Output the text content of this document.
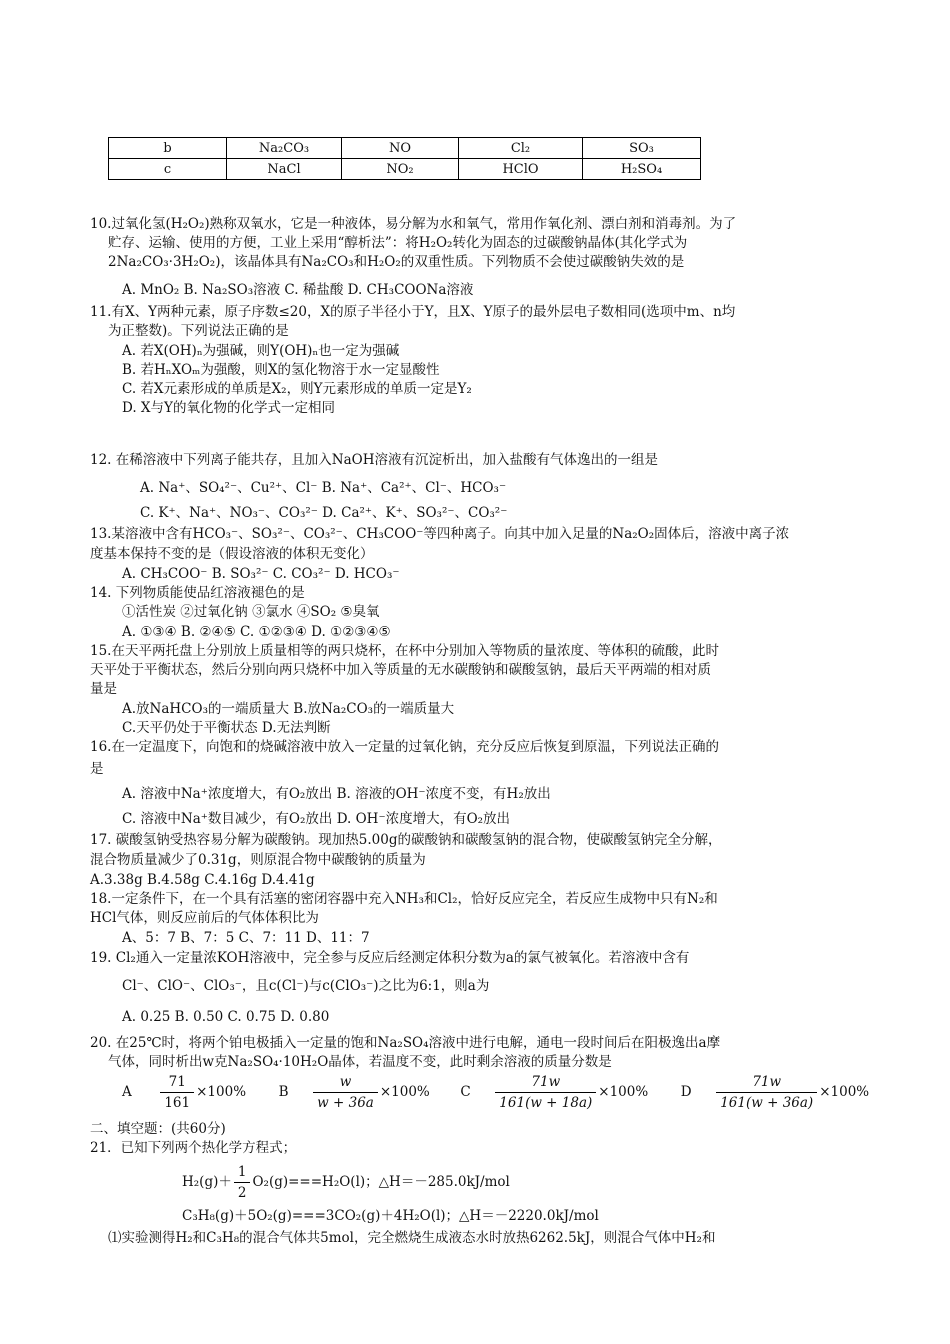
b	Na₂CO₃	NO	Cl₂	SO₃
c	NaCl	NO₂	HClO	H₂SO₄
10.过氧化氢(H₂O₂)熟称双氧水，它是一种液体，易分解为水和氧气，常用作氧化剂、漂白剂和消毒剂。为了
贮存、运输、使用的方便，工业上采用“醇析法”：将H₂O₂转化为固态的过碳酸钠晶体(其化学式为
2Na₂CO₃·3H₂O₂)，该晶体具有Na₂CO₃和H₂O₂的双重性质。下列物质不会使过碳酸钠失效的是
A. MnO₂ B. Na₂SO₃溶液 C. 稀盐酸 D. CH₃COONa溶液
11.有X、Y两种元素，原子序数≤20，X的原子半径小于Y，且X、Y原子的最外层电子数相同(选项中m、n均
为正整数)。下列说法正确的是
A. 若X(OH)ₙ为强碱，则Y(OH)ₙ也一定为强碱
B. 若HₙXOₘ为强酸，则X的氢化物溶于水一定显酸性
C. 若X元素形成的单质是X₂，则Y元素形成的单质一定是Y₂
D. X与Y的氧化物的化学式一定相同
12. 在稀溶液中下列离子能共存，且加入NaOH溶液有沉淀析出，加入盐酸有气体逸出的一组是
A. Na⁺、SO₄²⁻、Cu²⁺、Cl⁻ B. Na⁺、Ca²⁺、Cl⁻、HCO₃⁻
C. K⁺、Na⁺、NO₃⁻、CO₃²⁻ D. Ca²⁺、K⁺、SO₃²⁻、CO₃²⁻
13.某溶液中含有HCO₃⁻、SO₃²⁻、CO₃²⁻、CH₃COO⁻等四种离子。向其中加入足量的Na₂O₂固体后，溶液中离子浓
度基本保持不变的是（假设溶液的体积无变化）
A. CH₃COO⁻ B. SO₃²⁻ C. CO₃²⁻ D. HCO₃⁻
14. 下列物质能使品红溶液褪色的是
①活性炭 ②过氧化钠 ③氯水 ④SO₂ ⑤臭氧
A. ①③④ B. ②④⑤ C. ①②③④ D. ①②③④⑤
15.在天平两托盘上分别放上质量相等的两只烧杯，在杯中分别加入等物质的量浓度、等体积的硫酸，此时
天平处于平衡状态，然后分别向两只烧杯中加入等质量的无水碳酸钠和碳酸氢钠，最后天平两端的相对质
量是
A.放NaHCO₃的一端质量大 B.放Na₂CO₃的一端质量大
C.天平仍处于平衡状态 D.无法判断
16.在一定温度下，向饱和的烧碱溶液中放入一定量的过氧化钠，充分反应后恢复到原温，下列说法正确的
是
A. 溶液中Na⁺浓度增大，有O₂放出 B. 溶液的OH⁻浓度不变，有H₂放出
C. 溶液中Na⁺数目减少，有O₂放出 D. OH⁻浓度增大，有O₂放出
17. 碳酸氢钠受热容易分解为碳酸钠。现加热5.00g的碳酸钠和碳酸氢钠的混合物，使碳酸氢钠完全分解，
混合物质量减少了0.31g，则原混合物中碳酸钠的质量为
A.3.38g B.4.58g C.4.16g D.4.41g
18.一定条件下，在一个具有活塞的密闭容器中充入NH₃和Cl₂，恰好反应完全，若反应生成物中只有N₂和
HCl气体，则反应前后的气体体积比为
A、5：7 B、7：5 C、7：11 D、11：7
19. Cl₂通入一定量浓KOH溶液中，完全参与反应后经测定体积分数为a的氯气被氧化。若溶液中含有
Cl⁻、ClO⁻、ClO₃⁻，且c(Cl⁻)与c(ClO₃⁻)之比为6:1，则a为
A. 0.25 B. 0.50 C. 0.75 D. 0.80
20. 在25℃时，将两个铂电极插入一定量的饱和Na₂SO₄溶液中进行电解，通电一段时间后在阳极逸出a摩
气体，同时析出w克Na₂SO₄·10H₂O晶体，若温度不变，此时剩余溶液的质量分数是
A $\frac{71}{161} \times 100\%$ B $\frac{w}{w + 36a} \times 100\%$ C $\frac{71w}{161(w + 18a)} \times 100\%$ D $\frac{71w}{161(w + 36a)} \times 100\%$
二、填空题：(共60分)
21．已知下列两个热化学方程式；
$H_2(g)+ \frac{1}{2} O_2(g)===H_2O(l)$；△H＝－285.0kJ/mol
C₃H₈(g)＋5O₂(g)===3CO₂(g)＋4H₂O(l)；△H＝－2220.0kJ/mol
⑴实验测得H₂和C₃H₈的混合气体共5mol，完全燃烧生成液态水时放热6262.5kJ，则混合气体中H₂和
